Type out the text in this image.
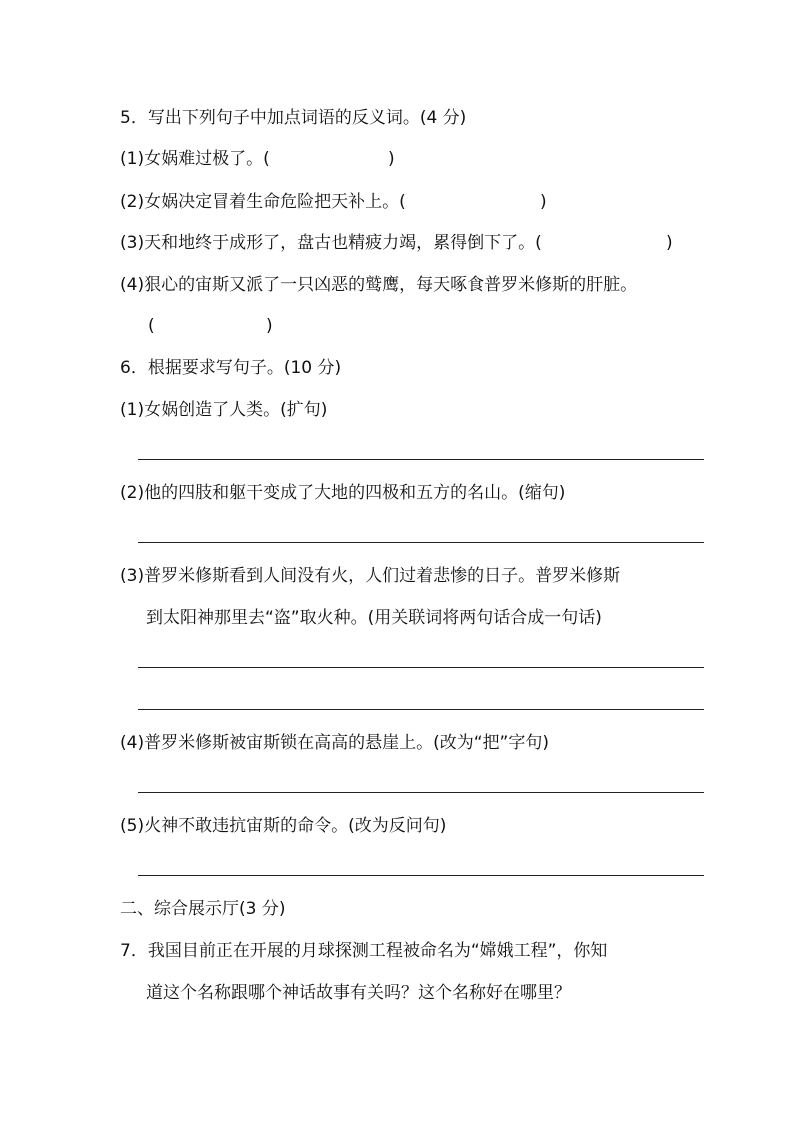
5．写出下列句子中加点词语的反义词。(4 分)
(1)女娲难过极了。(	)
(2)女娲决定冒着生命危险把天补上。(	)
(3)天和地终于成形了，盘古也精疲力竭，累得倒下了。(	)
(4)狠心的宙斯又派了一只凶恶的鹫鹰，每天啄食普罗米修斯的肝脏。
(	)
6．根据要求写句子。(10 分)
(1)女娲创造了人类。(扩句)
(2)他的四肢和躯干变成了大地的四极和五方的名山。(缩句)
(3)普罗米修斯看到人间没有火，人们过着悲惨的日子。普罗米修斯
到太阳神那里去“盗”取火种。(用关联词将两句话合成一句话)
(4)普罗米修斯被宙斯锁在高高的悬崖上。(改为“把”字句)
(5)火神不敢违抗宙斯的命令。(改为反问句)
二、综合展示厅(3 分)
7．我国目前正在开展的月球探测工程被命名为“嫦娥工程”，你知
道这个名称跟哪个神话故事有关吗？这个名称好在哪里？
